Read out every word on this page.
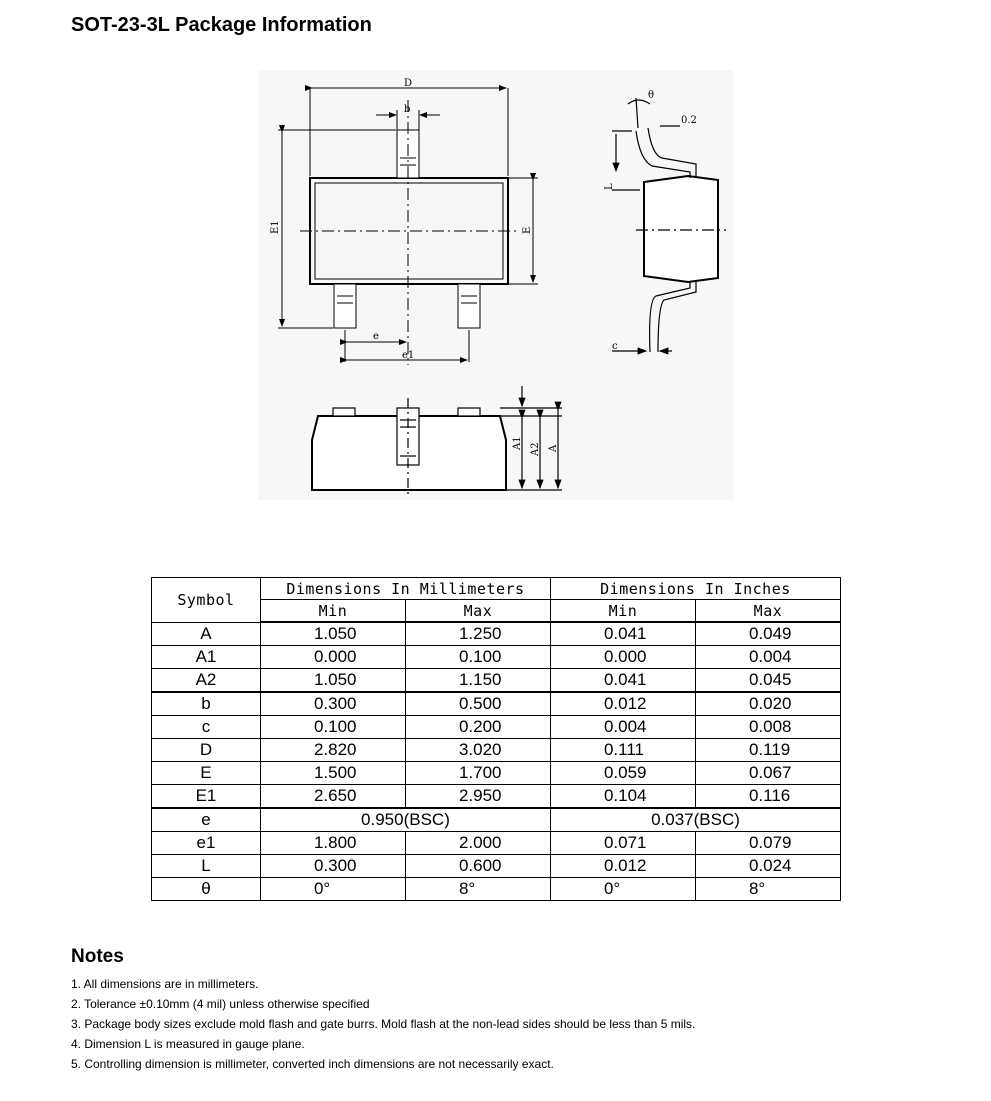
SOT-23-3L Package Information
D
b
E1	E
e
e1
θ
0.2
L
c
A1 A2 A
Symbol	Dimensions In Millimeters		Dimensions In Inches	
	Min	Max	Min	Max
A	1.050	1.250	0.041	0.049
A1	0.000	0.100	0.000	0.004
A2	1.050	1.150	0.041	0.045
b	0.300	0.500	0.012	0.020
c	0.100	0.200	0.004	0.008
D	2.820	3.020	0.111	0.119
E	1.500	1.700	0.059	0.067
E1	2.650	2.950	0.104	0.116
e	0.950(BSC)		0.037(BSC)	
e1	1.800	2.000	0.071	0.079
L	0.300	0.600	0.012	0.024
θ	0°	8°	0°	8°
Notes
1. All dimensions are in millimeters.
2. Tolerance ±0.10mm (4 mil) unless otherwise specified
3. Package body sizes exclude mold flash and gate burrs. Mold flash at the non-lead sides should be less than 5 mils.
4. Dimension L is measured in gauge plane.
5. Controlling dimension is millimeter, converted inch dimensions are not necessarily exact.
